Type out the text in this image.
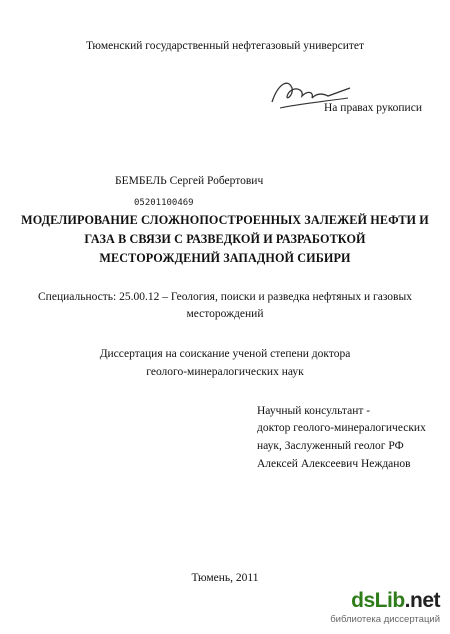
Тюменский государственный нефтегазовый университет
На правах рукописи
БЕМБЕЛЬ Сергей Робертович
05201100469
МОДЕЛИРОВАНИЕ СЛОЖНОПОСТРОЕННЫХ ЗАЛЕЖЕЙ НЕФТИ И
ГАЗА В СВЯЗИ С РАЗВЕДКОЙ И РАЗРАБОТКОЙ
МЕСТОРОЖДЕНИЙ ЗАПАДНОЙ СИБИРИ
Специальность: 25.00.12 – Геология, поиски и разведка нефтяных и газовых
месторождений
Диссертация на соискание ученой степени доктора
геолого-минералогических наук
Научный консультант -
доктор геолого-минералогических
наук, Заслуженный геолог РФ
Алексей Алексеевич Нежданов
Тюмень, 2011
dsLib.net
библиотека диссертаций
